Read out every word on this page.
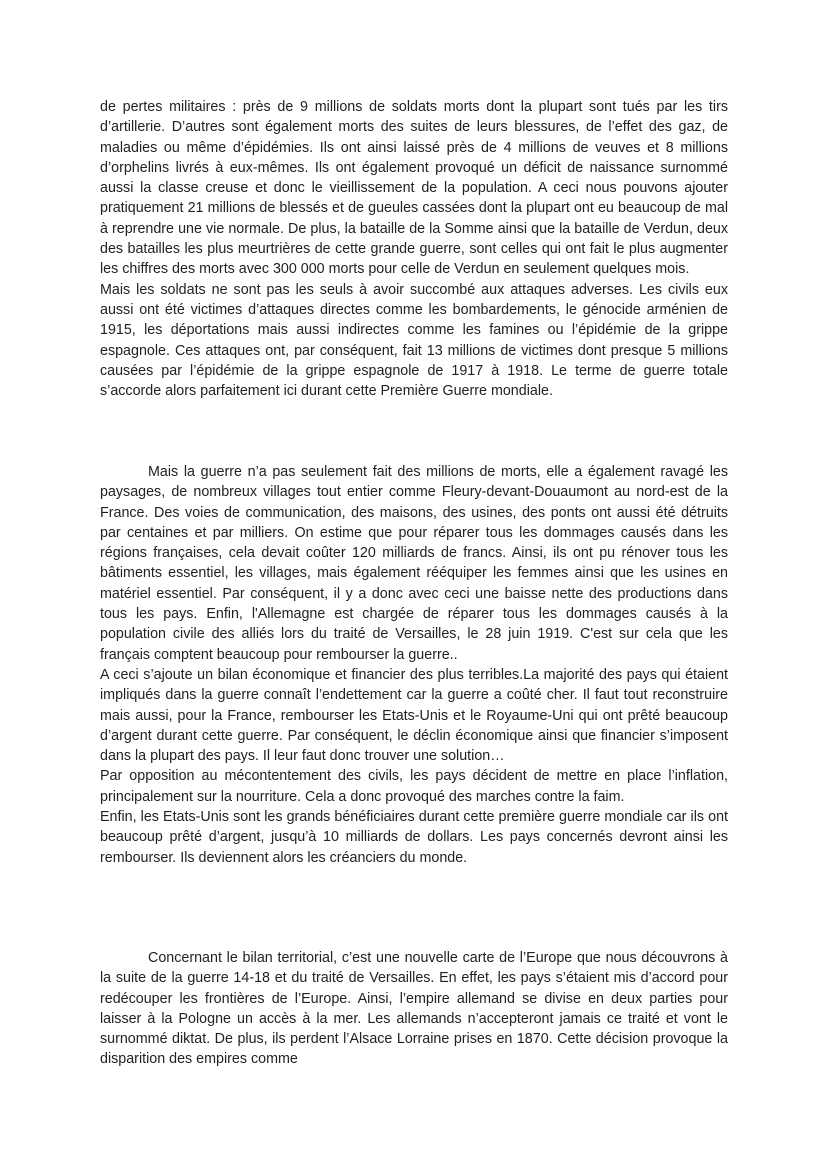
de pertes militaires : près de 9 millions de soldats morts dont la plupart sont tués par les tirs d’artillerie. D’autres sont également morts des suites de leurs blessures, de l’effet des gaz, de maladies ou même d’épidémies. Ils ont ainsi laissé près de 4 millions de veuves et 8 millions d’orphelins livrés à eux-mêmes. Ils ont également provoqué un déficit de naissance surnommé aussi la classe creuse et donc le vieillissement de la population. A ceci nous pouvons ajouter pratiquement 21 millions de blessés et de gueules cassées dont la plupart ont eu beaucoup de mal à reprendre une vie normale. De plus, la bataille de la Somme ainsi que la bataille de Verdun, deux des batailles les plus meurtrières de cette grande guerre, sont celles qui ont fait le plus augmenter les chiffres des morts avec 300 000 morts pour celle de Verdun en seulement quelques mois.

Mais les soldats ne sont pas les seuls à avoir succombé aux attaques adverses. Les civils eux aussi ont été victimes d’attaques directes comme les bombardements, le génocide arménien de 1915, les déportations mais aussi indirectes comme les famines ou l’épidémie de la grippe espagnole. Ces attaques ont, par conséquent, fait 13 millions de victimes dont presque 5 millions causées par l’épidémie de la grippe espagnole de 1917 à 1918. Le terme de guerre totale s’accorde alors parfaitement ici durant cette Première Guerre mondiale.

Mais la guerre n’a pas seulement fait des millions de morts, elle a également ravagé les paysages, de nombreux villages tout entier comme Fleury-devant-Douaumont au nord-est de la France. Des voies de communication, des maisons, des usines, des ponts ont aussi été détruits par centaines et par milliers. On estime que pour réparer tous les dommages causés dans les régions françaises, cela devait coûter 120 milliards de francs. Ainsi, ils ont pu rénover tous les bâtiments essentiel, les villages, mais également rééquiper les femmes ainsi que les usines en matériel essentiel. Par conséquent, il y a donc avec ceci une baisse nette des productions dans tous les pays. Enfin, l'Allemagne est chargée de réparer tous les dommages causés à la population civile des alliés lors du traité de Versailles, le 28 juin 1919. C'est sur cela que les français comptent beaucoup pour rembourser la guerre..

A ceci s’ajoute un bilan économique et financier des plus terribles.La majorité des pays qui étaient impliqués dans la guerre connaît l’endettement car la guerre a coûté cher. Il faut tout reconstruire mais aussi, pour la France, rembourser les Etats-Unis et le Royaume-Uni qui ont prêté beaucoup d’argent durant cette guerre. Par conséquent, le déclin économique ainsi que financier s’imposent dans la plupart des pays. Il leur faut donc trouver une solution…

Par opposition au mécontentement des civils, les pays décident de mettre en place l’inflation, principalement sur la nourriture. Cela a donc provoqué des marches contre la faim.

Enfin, les Etats-Unis sont les grands bénéficiaires durant cette première guerre mondiale car ils ont beaucoup prêté d’argent, jusqu’à 10 milliards de dollars. Les pays concernés devront ainsi les rembourser. Ils deviennent alors les créanciers du monde.

Concernant le bilan territorial, c’est une nouvelle carte de l’Europe que nous découvrons à la suite de la guerre 14-18 et du traité de Versailles. En effet, les pays s’étaient mis d’accord pour redécouper les frontières de l’Europe. Ainsi, l’empire allemand se divise en deux parties pour laisser à la Pologne un accès à la mer. Les allemands n’accepteront jamais ce traité et vont le surnommé diktat. De plus, ils perdent l’Alsace Lorraine prises en 1870. Cette décision provoque la disparition des empires comme
